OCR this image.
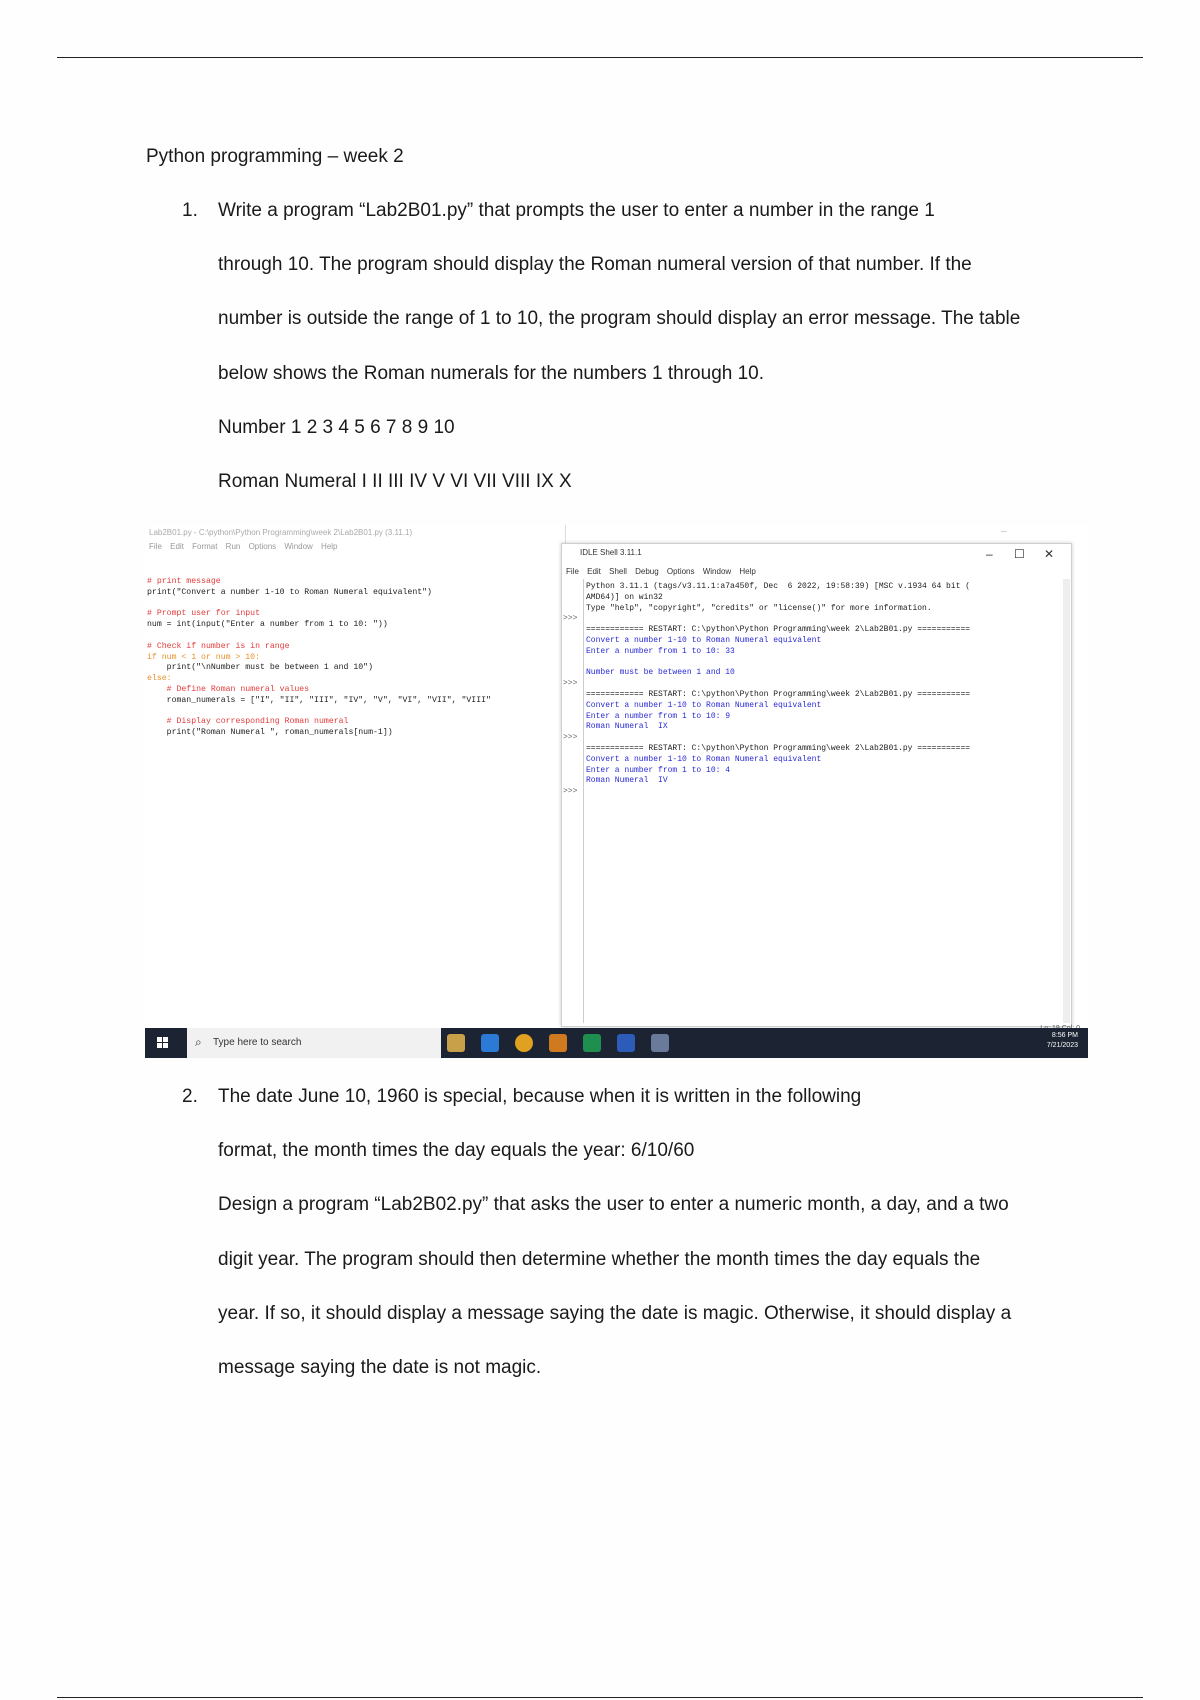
Python programming – week 2
1. Write a program “Lab2B01.py” that prompts the user to enter a number in the range 1
through 10. The program should display the Roman numeral version of that number. If the
number is outside the range of 1 to 10, the program should display an error message. The table
below shows the Roman numerals for the numbers 1 through 10.
Number 1 2 3 4 5 6 7 8 9 10
Roman Numeral I II III IV V VI VII VIII IX X
Lab2B01.py - C:\python\Python Programming\week 2\Lab2B01.py (3.11.1)	–
File Edit Format Run Options Window Help
# print message
print("Convert a number 1-10 to Roman Numeral equivalent")

# Prompt user for input
num = int(input("Enter a number from 1 to 10: "))

# Check if number is in range
if num < 1 or num > 10:
print("\nNumber must be between 1 and 10")
else:
# Define Roman numeral values
roman_numerals = ["I", "II", "III", "IV", "V", "VI", "VII", "VIII"

# Display corresponding Roman numeral
print("Roman Numeral ", roman_numerals[num-1])
IDLE Shell 3.11.1	– ☐ ✕
File Edit Shell Debug Options Window Help
>>>
>>>
>>>
>>>
Python 3.11.1 (tags/v3.11.1:a7a450f, Dec  6 2022, 19:58:39) [MSC v.1934 64 bit (
AMD64)] on win32
Type "help", "copyright", "credits" or "license()" for more information.

============ RESTART: C:\python\Python Programming\week 2\Lab2B01.py ===========
Convert a number 1-10 to Roman Numeral equivalent
Enter a number from 1 to 10: 33

Number must be between 1 and 10

============ RESTART: C:\python\Python Programming\week 2\Lab2B01.py ===========
Convert a number 1-10 to Roman Numeral equivalent
Enter a number from 1 to 10: 9
Roman Numeral  IX

============ RESTART: C:\python\Python Programming\week 2\Lab2B01.py ===========
Convert a number 1-10 to Roman Numeral equivalent
Enter a number from 1 to 10: 4
Roman Numeral  IV
⌕ Type here to search
8:56 PM
7/21/2023
2. The date June 10, 1960 is special, because when it is written in the following
format, the month times the day equals the year: 6/10/60
Design a program “Lab2B02.py” that asks the user to enter a numeric month, a day, and a two
digit year. The program should then determine whether the month times the day equals the
year. If so, it should display a message saying the date is magic. Otherwise, it should display a
message saying the date is not magic.
